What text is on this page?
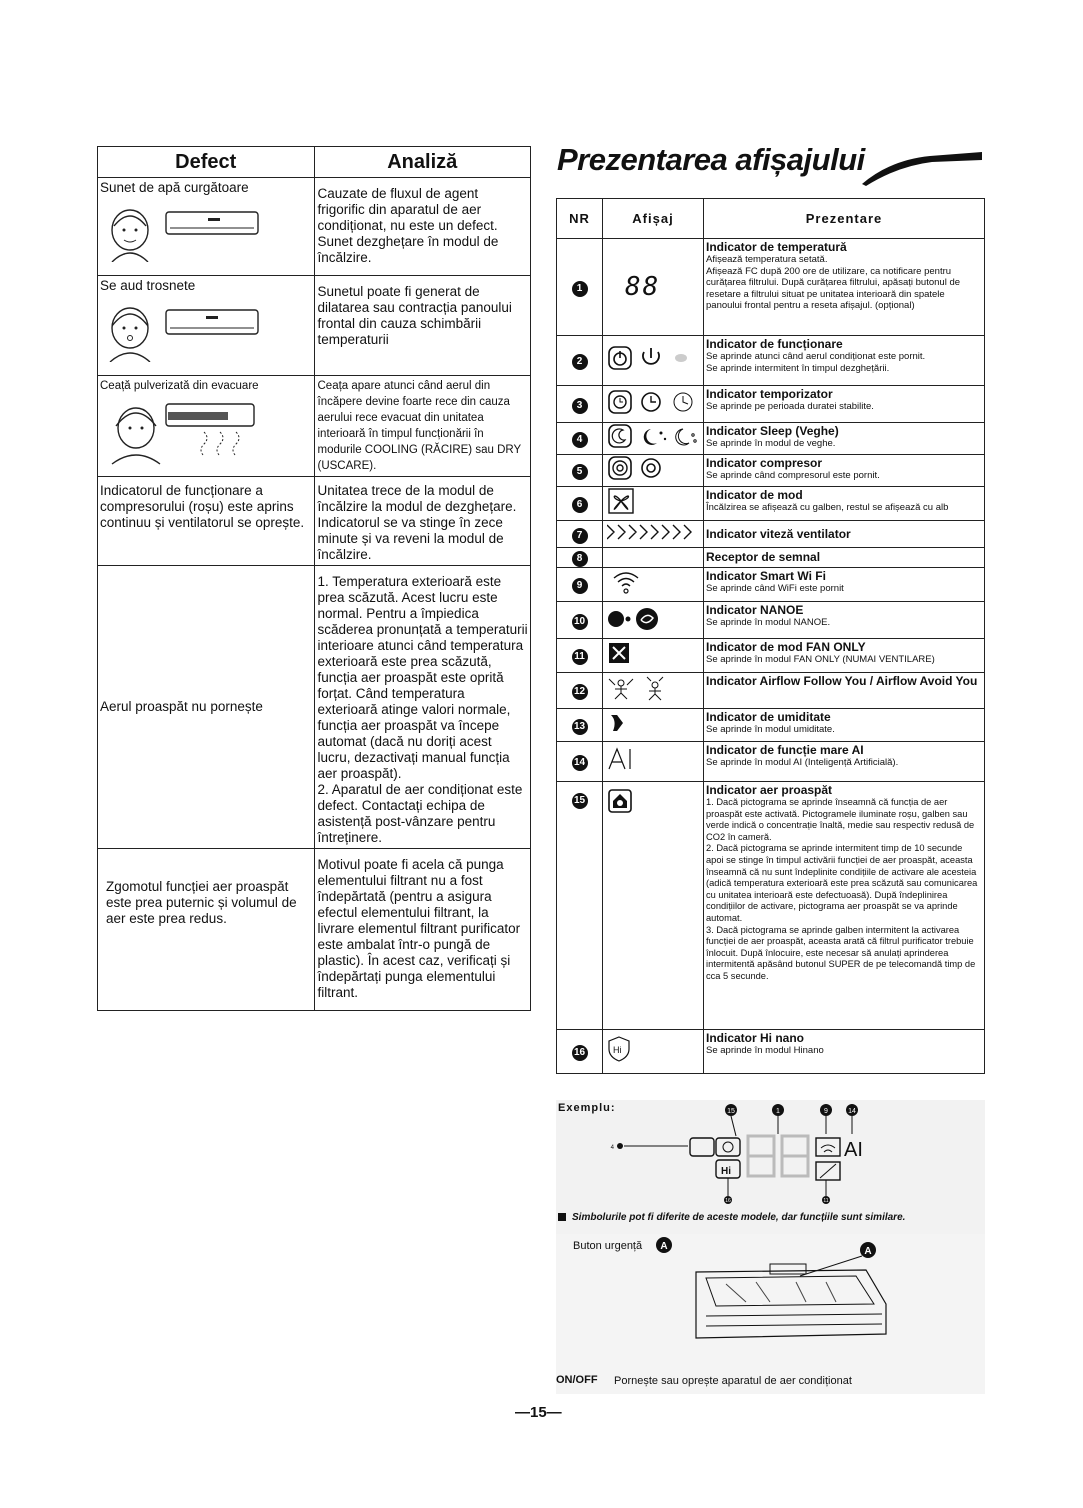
Defect	Analiză

Sunet de apă curgătoare	Cauzate de fluxul de agent frigorific din aparatul de aer condiționat, nu este un defect. Sunet dezghețare în modul de încălzire.

Se aud trosnete	Sunetul poate fi generat de dilatarea sau contracția panoului frontal din cauza schimbării temperaturii

Ceață pulverizată din evacuare	Ceața apare atunci când aerul din încăpere devine foarte rece din cauza aerului rece evacuat din unitatea interioară în timpul funcționării în modurile COOLING (RĂCIRE) sau DRY (USCARE).
Indicatorul de funcționare a compresorului (roșu) este aprins continuu și ventilatorul se oprește.	Unitatea trece de la modul de încălzire la modul de dezghețare. Indicatorul se va stinge în zece minute și va reveni la modul de încălzire.
Aerul proaspăt nu pornește	1. Temperatura exterioară este prea scăzută. Acest lucru este normal. Pentru a împiedica scăderea pronunțată a temperaturii interioare atunci când temperatura exterioară este prea scăzută, funcția aer proaspăt este oprită forțat. Când temperatura exterioară atinge valori normale, funcția aer proaspăt va începe automat (dacă nu doriți acest lucru, dezactivați manual funcția aer proaspăt).
2. Aparatul de aer condiționat este defect. Contactați echipa de asistență post-vânzare pentru întreținere.
Zgomotul funcției aer proaspăt este prea puternic și volumul de aer este prea redus.	Motivul poate fi acela că punga elementului filtrant nu a fost îndepărtată (pentru a asigura efectul elementului filtrant, la livrare elementul filtrant purificator este ambalat într-o pungă de plastic). În acest caz, verificați și îndepărtați punga elementului filtrant.
Prezentarea afișajului
NR	Afișaj	Prezentare
1	88	Indicator de temperatură
Afișează temperatura setată.
Afișează FC după 200 ore de utilizare, ca notificare pentru curățarea filtrului. După curățarea filtrului, apăsați butonul de resetare a filtrului situat pe unitatea interioară din spatele panoului frontal pentru a reseta afișajul. (opțional)

2		Indicator de funcționare
Se aprinde atunci când aerul condiționat este pornit.
Se aprinde intermitent în timpul dezghețării.

3		Indicator temporizator
Se aprinde pe perioada duratei stabilite.

4		Indicator Sleep (Veghe)
Se aprinde în modul de veghe.

5		Indicator compresor
Se aprinde când compresorul este pornit.

6		Indicator de mod
Încălzirea se afișează cu galben, restul se afișează cu alb

7		Indicator viteză ventilator

8		Receptor de semnal

9		Indicator Smart Wi Fi
Se aprinde când WiFi este pornit

10		Indicator NANOE
Se aprinde în modul NANOE.

11		Indicator de mod FAN ONLY
Se aprinde în modul FAN ONLY (NUMAI VENTILARE)

12		Indicator Airflow Follow You / Airflow Avoid You

13		Indicator de umiditate
Se aprinde în modul umiditate.

14		Indicator de funcție mare AI
Se aprinde în modul AI (Inteligență Artificială).

15		Indicator aer proaspăt
1. Dacă pictograma se aprinde înseamnă că funcția de aer proaspăt este activată. Pictogramele iluminate roșu, galben sau verde indică o concentrație înaltă, medie sau respectiv redusă de CO2 în cameră.
2. Dacă pictograma se aprinde intermitent timp de 10 secunde apoi se stinge în timpul activării funcției de aer proaspăt, aceasta înseamnă că nu sunt îndeplinite condițiile de activare ale acesteia (adică temperatura exterioară este prea scăzută sau comunicarea cu unitatea interioară este defectuoasă). După îndeplinirea condițiilor de activare, pictograma aer proaspăt se va aprinde automat.
3. Dacă pictograma se aprinde galben intermitent la activarea funcției de aer proaspăt, aceasta arată că filtrul purificator trebuie înlocuit. După înlocuire, este necesar să anulați aprinderea intermitentă apăsând butonul SUPER de pe telecomandă timp de cca 5 secunde.

16	Hi	Indicator Hi nano
Se aprinde în modul Hinano
Exemplu:	15	1	9	14
4	AI
Hi
16	11
Simbolurile pot fi diferite de aceste modele, dar funcțiile sunt similare.
Buton urgență A	A
ON/OFF Pornește sau oprește aparatul de aer condiționat
—15—
